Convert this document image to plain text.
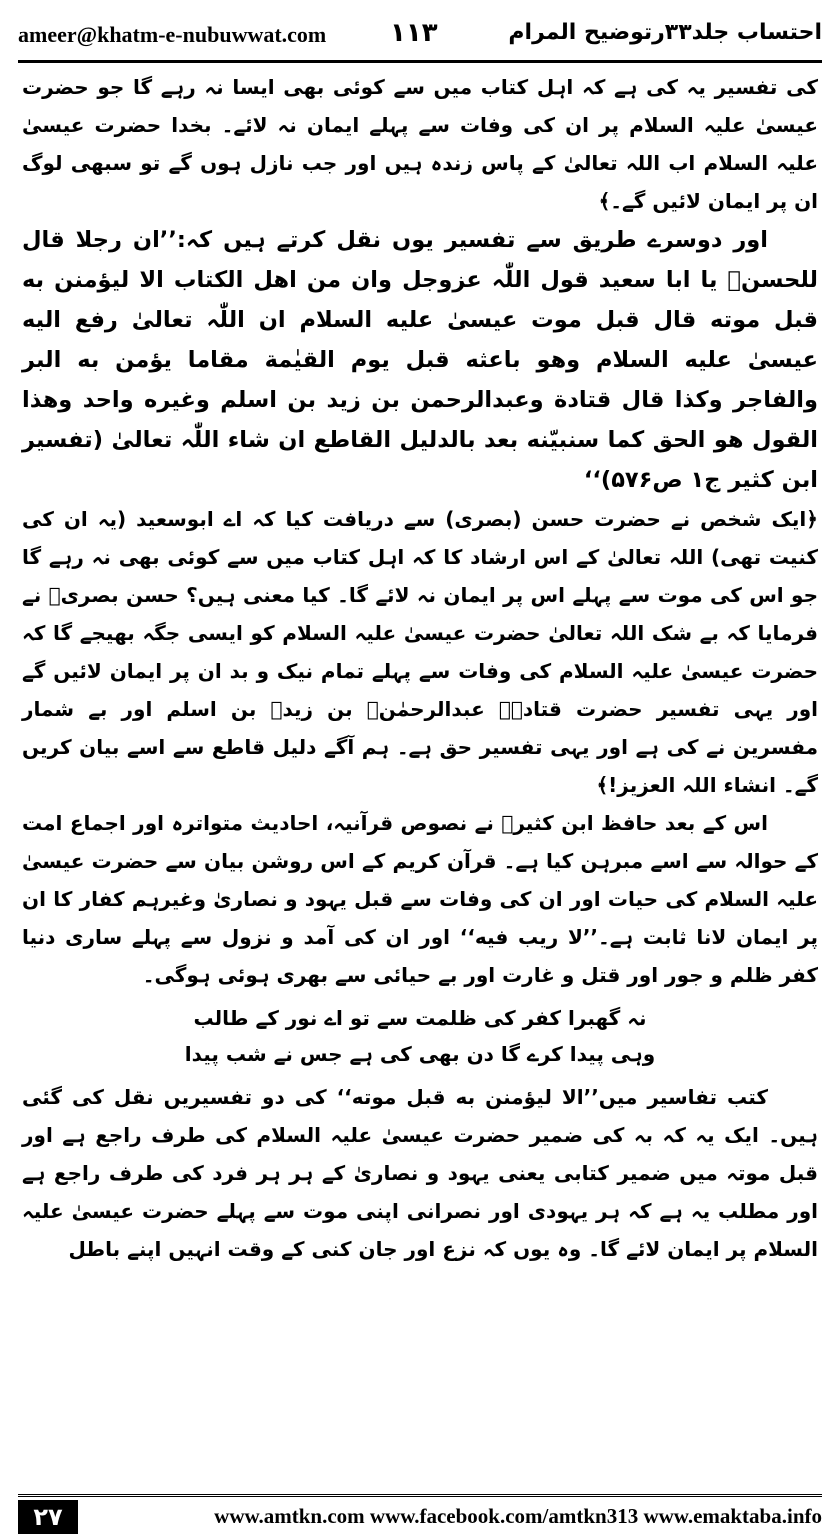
ameer@khatm-e-nubuwwat.com ۱۱۳	احتساب جلد۳۳رتوضیح المرام

کی تفسیر یہ کی ہے کہ اہل کتاب میں سے کوئی بھی ایسا نہ رہے گا جو حضرت عیسیٰ علیہ السلام پر ان کی وفات سے پہلے ایمان نہ لائے۔ بخدا حضرت عیسیٰ علیہ السلام اب اللہ تعالیٰ کے پاس زندہ ہیں اور جب نازل ہوں گے تو سبھی لوگ ان پر ایمان لائیں گے۔﴾

اور دوسرے طریق سے تفسیر یوں نقل کرتے ہیں کہ:’’ان رجلا قال للحسنؒ یا ابا سعید قول اللّٰہ عزوجل وان من اهل الکتاب الا لیؤمنن به قبل موته قال قبل موت عیسیٰ علیه السلام ان اللّٰہ تعالیٰ رفع الیه عیسیٰ علیه السلام وهو باعثه قبل یوم القیٰمة مقاما یؤمن به البر والفاجر وکذا قال قتادة وعبدالرحمن بن زید بن اسلم وغیره واحد وهذا القول هو الحق کما سنبیّنه بعد بالدلیل القاطع ان شاء اللّٰہ تعالیٰ (تفسیر ابن کثیر ج۱ ص۵۷۶)‘‘

﴿ایک شخص نے حضرت حسن (بصری) سے دریافت کیا کہ اے ابوسعید (یہ ان کی کنیت تھی) اللہ تعالیٰ کے اس ارشاد کا کہ اہل کتاب میں سے کوئی بھی نہ رہے گا جو اس کی موت سے پہلے اس پر ایمان نہ لائے گا۔ کیا معنی ہیں؟ حسن بصریؒ نے فرمایا کہ بے شک اللہ تعالیٰ حضرت عیسیٰ علیہ السلام کو ایسی جگہ بھیجے گا کہ حضرت عیسیٰ علیہ السلام کی وفات سے پہلے تمام نیک و بد ان پر ایمان لائیں گے اور یہی تفسیر حضرت قتادہؒ عبدالرحمٰنؒ بن زیدؒ بن اسلم اور بے شمار مفسرین نے کی ہے اور یہی تفسیر حق ہے۔ ہم آگے دلیل قاطع سے اسے بیان کریں گے۔ انشاء اللہ العزیز!﴾

اس کے بعد حافظ ابن کثیرؒ نے نصوص قرآنیہ، احادیث متواترہ اور اجماع امت کے حوالہ سے اسے مبرہن کیا ہے۔ قرآن کریم کے اس روشن بیان سے حضرت عیسیٰ علیہ السلام کی حیات اور ان کی وفات سے قبل یہود و نصاریٰ وغیرہم کفار کا ان پر ایمان لانا ثابت ہے۔’’لا ریب فیه‘‘ اور ان کی آمد و نزول سے پہلے ساری دنیا کفر ظلم و جور اور قتل و غارت اور بے حیائی سے بھری ہوئی ہوگی۔

نہ گھبرا کفر کی ظلمت سے تو اے نور کے طالب
وہی پیدا کرے گا دن بھی کی ہے جس نے شب پیدا

کتب تفاسیر میں’’الا لیؤمنن به قبل موته‘‘ کی دو تفسیریں نقل کی گئی ہیں۔ ایک یہ کہ بہ کی ضمیر حضرت عیسیٰ علیہ السلام کی طرف راجع ہے اور قبل موتہ میں ضمیر کتابی یعنی یہود و نصاریٰ کے ہر ہر فرد کی طرف راجع ہے اور مطلب یہ ہے کہ ہر یہودی اور نصرانی اپنی موت سے پہلے حضرت عیسیٰ علیہ السلام پر ایمان لائے گا۔ وہ یوں کہ نزع اور جان کنی کے وقت انہیں اپنے باطل

۲۷	www.amtkn.com www.facebook.com/amtkn313 www.emaktaba.info
